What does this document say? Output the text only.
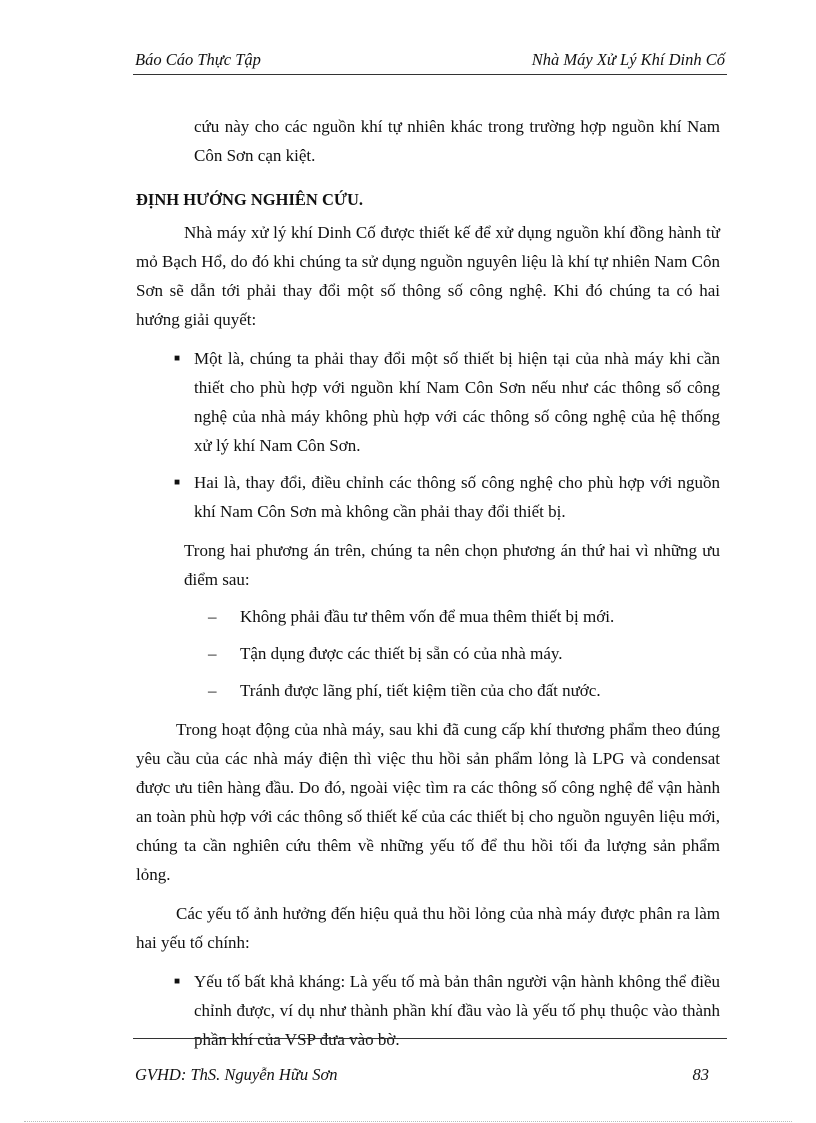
Báo Cáo Thực Tập	Nhà Máy Xử Lý Khí Dinh Cố

cứu này cho các nguồn khí tự nhiên khác trong trường hợp nguồn khí Nam Côn Sơn cạn kiệt.

ĐỊNH HƯỚNG NGHIÊN CỨU.

Nhà máy xử lý khí Dinh Cố được thiết kế để xử dụng nguồn khí đồng hành từ mỏ Bạch Hổ, do đó khi chúng ta sử dụng nguồn nguyên liệu là khí tự nhiên Nam Côn Sơn sẽ dẫn tới phải thay đổi một số thông số công nghệ. Khi đó chúng ta có hai hướng giải quyết:

■ Một là, chúng ta phải thay đổi một số thiết bị hiện tại của nhà máy khi cần thiết cho phù hợp với nguồn khí Nam Côn Sơn nếu như các thông số công nghệ của nhà máy không phù hợp với các thông số công nghệ của hệ thống xử lý khí Nam Côn Sơn.
■ Hai là, thay đổi, điều chỉnh các thông số công nghệ cho phù hợp với nguồn khí Nam Côn Sơn mà không cần phải thay đổi thiết bị.

Trong hai phương án trên, chúng ta nên chọn phương án thứ hai vì những ưu điểm sau:

– Không phải đầu tư thêm vốn để mua thêm thiết bị mới.
– Tận dụng được các thiết bị sẵn có của nhà máy.
– Tránh được lãng phí, tiết kiệm tiền của cho đất nước.

Trong hoạt động của nhà máy, sau khi đã cung cấp khí thương phẩm theo đúng yêu cầu của các nhà máy điện thì việc thu hồi sản phẩm lỏng là LPG và condensat được ưu tiên hàng đầu. Do đó, ngoài việc tìm ra các thông số công nghệ để vận hành an toàn phù hợp với các thông số thiết kế của các thiết bị cho nguồn nguyên liệu mới, chúng ta cần nghiên cứu thêm về những yếu tố để thu hồi tối đa lượng sản phẩm lỏng.

Các yếu tố ảnh hưởng đến hiệu quả thu hồi lỏng của nhà máy được phân ra làm hai yếu tố chính:

■ Yếu tố bất khả kháng: Là yếu tố mà bản thân người vận hành không thể điều chỉnh được, ví dụ như thành phần khí đầu vào là yếu tố phụ thuộc vào thành phần khí của VSP đưa vào bờ.
GVHD: ThS. Nguyễn Hữu Sơn	83
